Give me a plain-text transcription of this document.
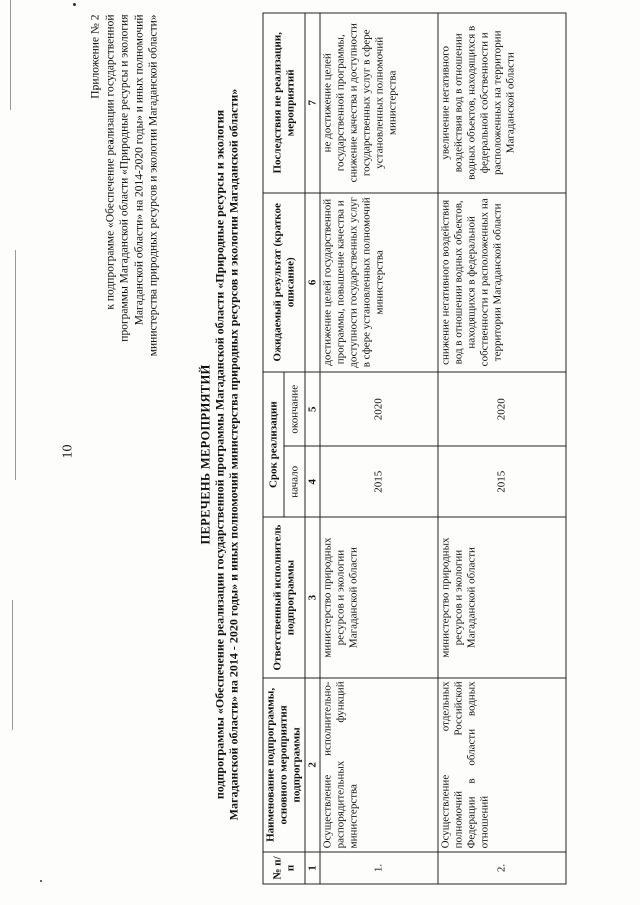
10
Приложение № 2 к подпрограмме «Обеспечение реализации государственной программы Магаданской области «Природные ресурсы и экология Магаданской области» на 2014-2020 годы» и иных полномочий министерства природных ресурсов и экологии Магаданской области»
ПЕРЕЧЕНЬ МЕРОПРИЯТИЙ подпрограммы «Обеспечение реализации государственной программы Магаданской области «Природные ресурсы и экология Магаданской области» на 2014 - 2020 годы» и иных полномочий министерства природных ресурсов и экологии Магаданской области»
№ п/п	Наименование подпрограммы, основного мероприятия подпрограммы	Ответственный исполнитель подпрограммы	Срок реализации		Ожидаемый результат (краткое описание)	Последствия не реализации, мероприятий
			начало	окончание		
1	2	3	4	5	6	7
1.	Осуществление исполнительно-распорядительных функций министерства	министерство природных ресурсов и экологии Магаданской области	2015	2020	достижение целей государственной программы, повышение качества и доступности государственных услуг в сфере установленных полномочий министерства	не достижение целей государственной программы, снижение качества и доступности государственных услуг в сфере установленных полномочий министерства
2.	Осуществление отдельных полномочий Российской Федерации в области водных отношений	министерство природных ресурсов и экологии Магаданской области	2015	2020	снижение негативного воздействия вод в отношении водных объектов, находящихся в федеральной собственности и расположенных на территории Магаданской области	увеличение негативного воздействия вод в отношении водных объектов, находящихся в федеральной собственности и расположенных на территории Магаданской области
